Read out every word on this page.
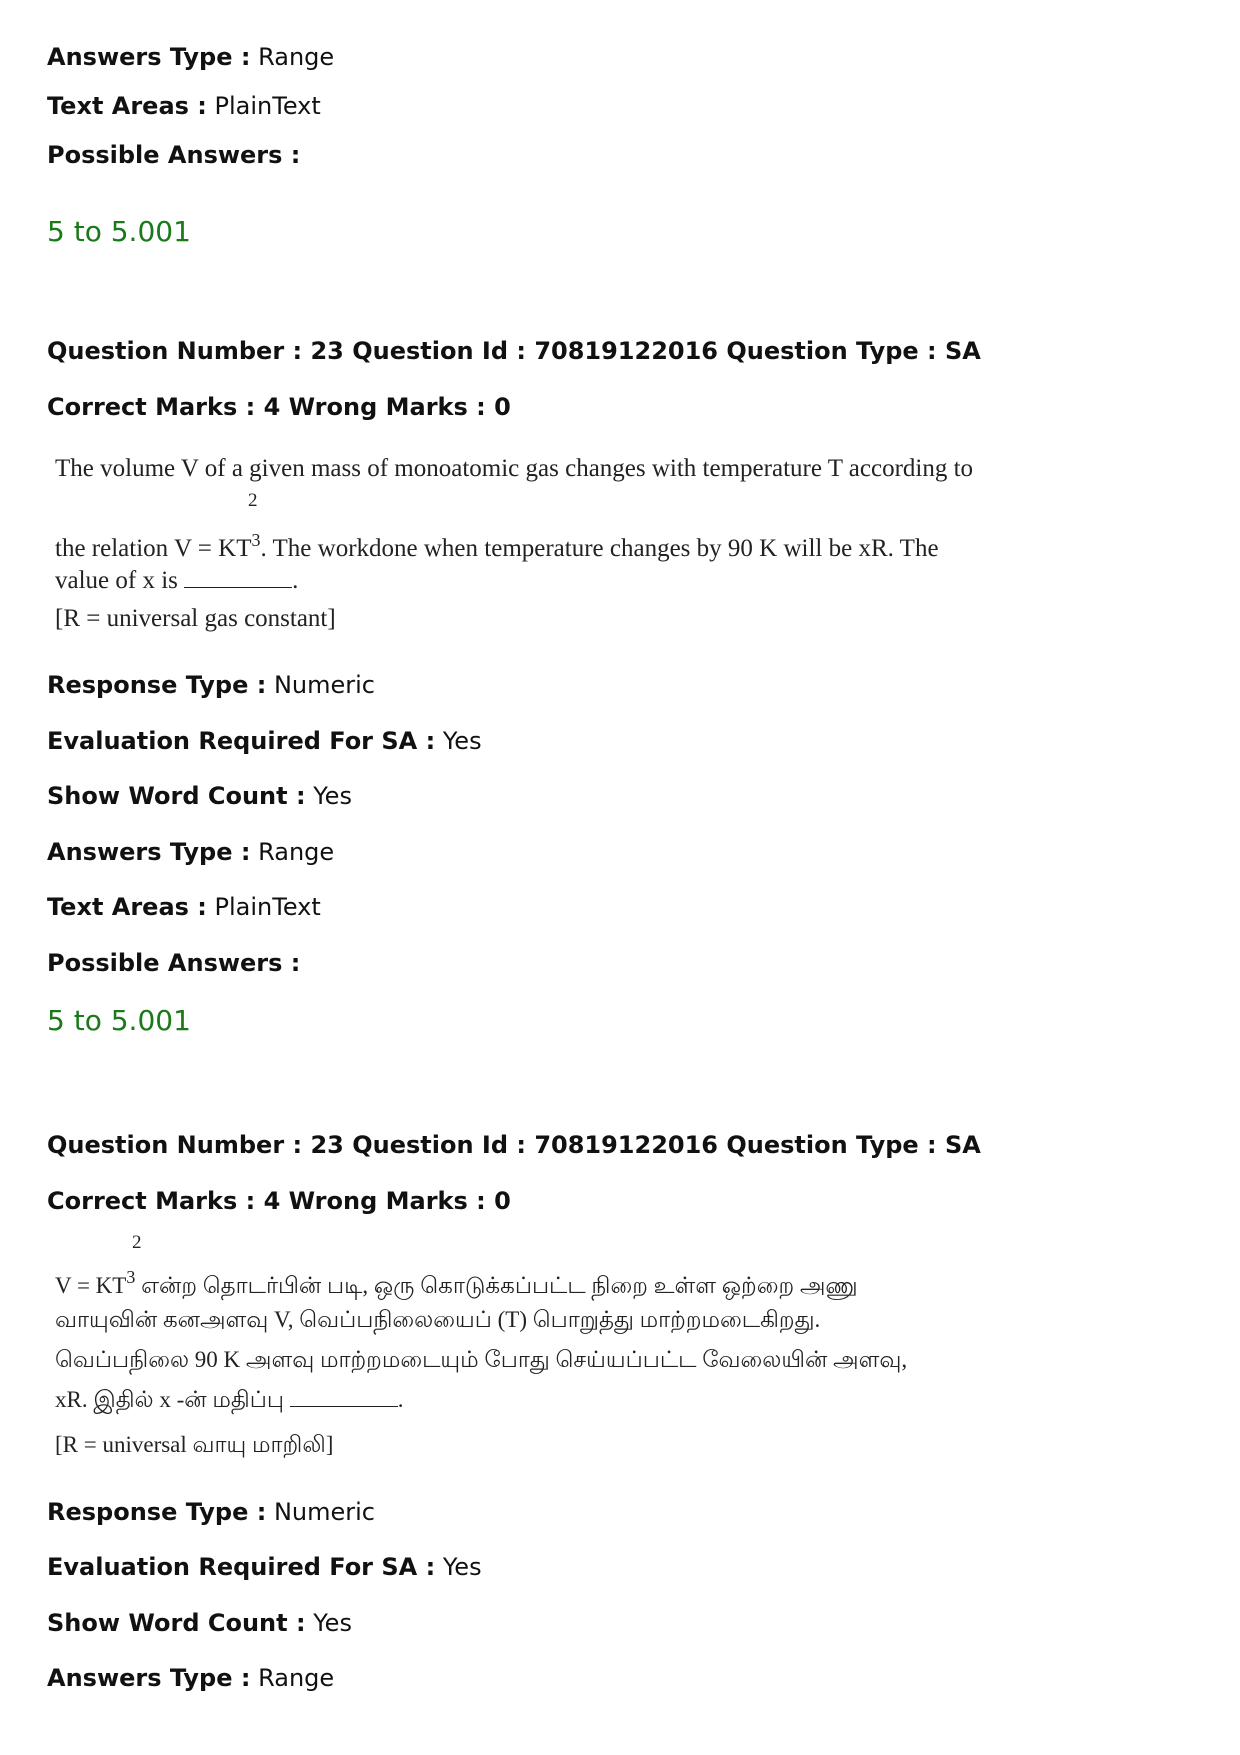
Answers Type : Range
Text Areas : PlainText
Possible Answers :
5 to 5.001
Question Number : 23 Question Id : 70819122016 Question Type : SA
Correct Marks : 4 Wrong Marks : 0
The volume V of a given mass of monoatomic gas changes with temperature T according to
2
the relation $V = KT^3$. The workdone when temperature changes by 90 K will be xR. The
value of x is	.
[R = universal gas constant]
Response Type : Numeric
Evaluation Required For SA : Yes
Show Word Count : Yes
Answers Type : Range
Text Areas : PlainText
Possible Answers :
5 to 5.001
Question Number : 23 Question Id : 70819122016 Question Type : SA
Correct Marks : 4 Wrong Marks : 0
2
$V = KT^3$ என்ற தொடர்பின் படி, ஒரு கொடுக்கப்பட்ட நிறை உள்ள ஒற்றை அணு
வாயுவின் கனஅளவு V, வெப்பநிலையைப் (T) பொறுத்து மாற்றமடைகிறது.
வெப்பநிலை 90 K அளவு மாற்றமடையும் போது செய்யப்பட்ட வேலையின் அளவு,
xR. இதில் x -ன் மதிப்பு	.
[R = universal வாயு மாறிலி]
Response Type : Numeric
Evaluation Required For SA : Yes
Show Word Count : Yes
Answers Type : Range
